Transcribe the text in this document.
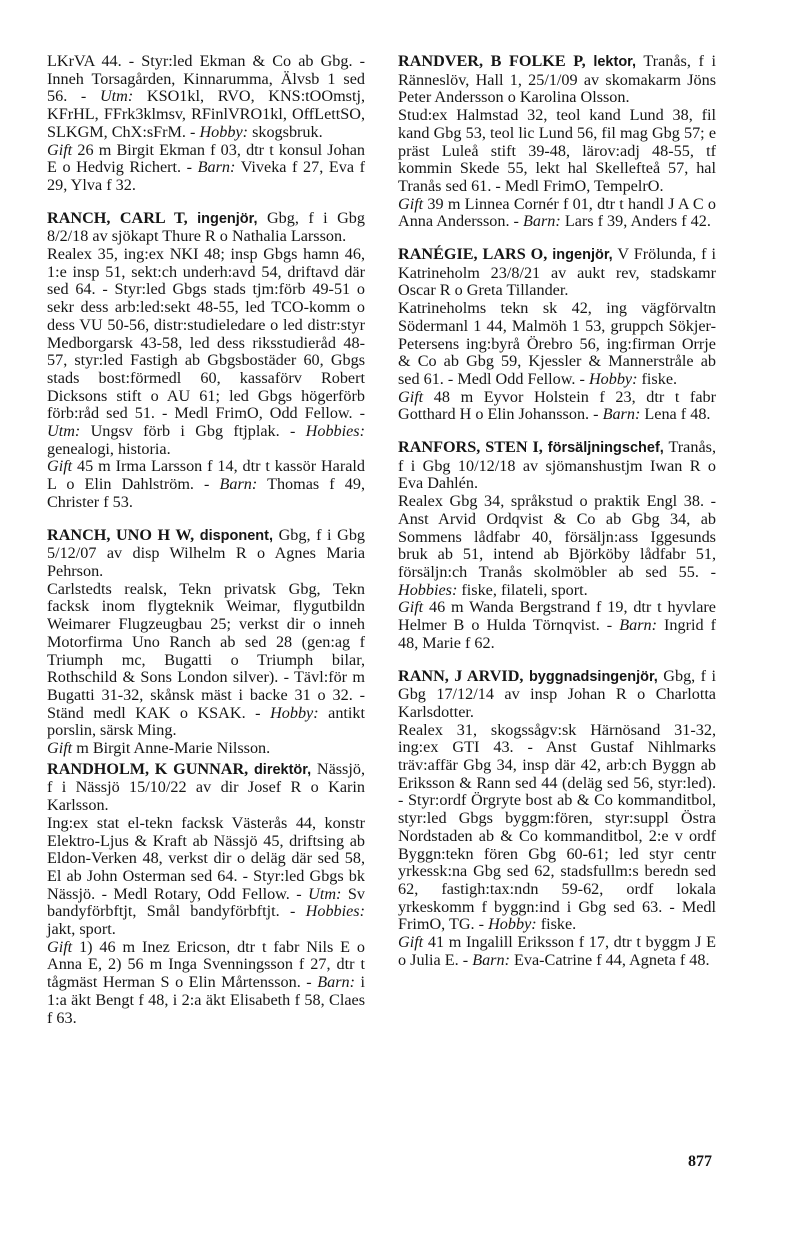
LKrVA 44. - Styr:led Ekman & Co ab Gbg. - Inneh Torsagården, Kinnarumma, Älvsb 1 sed 56. - Utm: KSO1kl, RVO, KNS:tOOmstj, KFrHL, FFrk3klmsv, RFinlVRO1kl, OffLettSO, SLKGM, ChX:sFrM. - Hobby: skogsbruk.

Gift 26 m Birgit Ekman f 03, dtr t konsul Johan E o Hedvig Richert. - Barn: Viveka f 27, Eva f 29, Ylva f 32.

RANCH, CARL T, ingenjör, Gbg, f i Gbg 8/2/18 av sjökapt Thure R o Nathalia Larsson.

Realex 35, ing:ex NKI 48; insp Gbgs hamn 46, 1:e insp 51, sekt:ch underh:avd 54, driftavd där sed 64. - Styr:led Gbgs stads tjm:förb 49-51 o sekr dess arb:led:sekt 48-55, led TCO-komm o dess VU 50-56, distr:studieledare o led distr:styr Medborgarsk 43-58, led dess riksstudieråd 48-57, styr:led Fastigh ab Gbgsbostäder 60, Gbgs stads bost:förmedl 60, kassaförv Robert Dicksons stift o AU 61; led Gbgs högerförb förb:råd sed 51. - Medl FrimO, Odd Fellow. - Utm: Ungsv förb i Gbg ftjplak. - Hobbies: genealogi, historia.

Gift 45 m Irma Larsson f 14, dtr t kassör Harald L o Elin Dahlström. - Barn: Thomas f 49, Christer f 53.

RANCH, UNO H W, disponent, Gbg, f i Gbg 5/12/07 av disp Wilhelm R o Agnes Maria Pehrson.

Carlstedts realsk, Tekn privatsk Gbg, Tekn facksk inom flygteknik Weimar, flygutbildn Weimarer Flugzeugbau 25; verkst dir o inneh Motorfirma Uno Ranch ab sed 28 (gen:ag f Triumph mc, Bugatti o Triumph bilar, Rothschild & Sons London silver). - Tävl:för m Bugatti 31-32, skånsk mäst i backe 31 o 32. - Ständ medl KAK o KSAK. - Hobby: antikt porslin, särsk Ming.

Gift m Birgit Anne-Marie Nilsson.

RANDHOLM, K GUNNAR, direktör, Nässjö, f i Nässjö 15/10/22 av dir Josef R o Karin Karlsson.

Ing:ex stat el-tekn facksk Västerås 44, konstr Elektro-Ljus & Kraft ab Nässjö 45, driftsing ab Eldon-Verken 48, verkst dir o deläg där sed 58, El ab John Osterman sed 64. - Styr:led Gbgs bk Nässjö. - Medl Rotary, Odd Fellow. - Utm: Sv bandyförbftjt, Smål bandyförbftjt. - Hobbies: jakt, sport.

Gift 1) 46 m Inez Ericson, dtr t fabr Nils E o Anna E, 2) 56 m Inga Svenningsson f 27, dtr t tågmäst Herman S o Elin Mårtensson. - Barn: i 1:a äkt Bengt f 48, i 2:a äkt Elisabeth f 58, Claes f 63.

RANDVER, B FOLKE P, lektor, Tranås, f i Ränneslöv, Hall 1, 25/1/09 av skomakarm Jöns Peter Andersson o Karolina Olsson.

Stud:ex Halmstad 32, teol kand Lund 38, fil kand Gbg 53, teol lic Lund 56, fil mag Gbg 57; e präst Luleå stift 39-48, lärov:adj 48-55, tf kommin Skede 55, lekt hal Skellefteå 57, hal Tranås sed 61. - Medl FrimO, TempelrO.

Gift 39 m Linnea Cornér f 01, dtr t handl J A C o Anna Andersson. - Barn: Lars f 39, Anders f 42.

RANÉGIE, LARS O, ingenjör, V Frölunda, f i Katrineholm 23/8/21 av aukt rev, stadskamr Oscar R o Greta Tillander.

Katrineholms tekn sk 42, ing vägförvaltn Södermanl 1 44, Malmöh 1 53, gruppch Sökjer-Petersens ing:byrå Örebro 56, ing:firman Orrje & Co ab Gbg 59, Kjessler & Mannerstråle ab sed 61. - Medl Odd Fellow. - Hobby: fiske.

Gift 48 m Eyvor Holstein f 23, dtr t fabr Gotthard H o Elin Johansson. - Barn: Lena f 48.

RANFORS, STEN I, försäljningschef, Tranås, f i Gbg 10/12/18 av sjömanshustjm Iwan R o Eva Dahlén.

Realex Gbg 34, språkstud o praktik Engl 38. - Anst Arvid Ordqvist & Co ab Gbg 34, ab Sommens lådfabr 40, försäljn:ass Iggesunds bruk ab 51, intend ab Björköby lådfabr 51, försäljn:ch Tranås skolmöbler ab sed 55. - Hobbies: fiske, filateli, sport.

Gift 46 m Wanda Bergstrand f 19, dtr t hyvlare Helmer B o Hulda Törnqvist. - Barn: Ingrid f 48, Marie f 62.

RANN, J ARVID, byggnadsingenjör, Gbg, f i Gbg 17/12/14 av insp Johan R o Charlotta Karlsdotter.

Realex 31, skogssågv:sk Härnösand 31-32, ing:ex GTI 43. - Anst Gustaf Nihlmarks träv:affär Gbg 34, insp där 42, arb:ch Byggn ab Eriksson & Rann sed 44 (deläg sed 56, styr:led). - Styr:ordf Örgryte bost ab & Co kommanditbol, styr:led Gbgs byggm:fören, styr:suppl Östra Nordstaden ab & Co kommanditbol, 2:e v ordf Byggn:tekn fören Gbg 60-61; led styr centr yrkessk:na Gbg sed 62, stadsfullm:s beredn sed 62, fastigh:tax:ndn 59-62, ordf lokala yrkeskomm f byggn:ind i Gbg sed 63. - Medl FrimO, TG. - Hobby: fiske.

Gift 41 m Ingalill Eriksson f 17, dtr t byggm J E o Julia E. - Barn: Eva-Catrine f 44, Agneta f 48.

877
